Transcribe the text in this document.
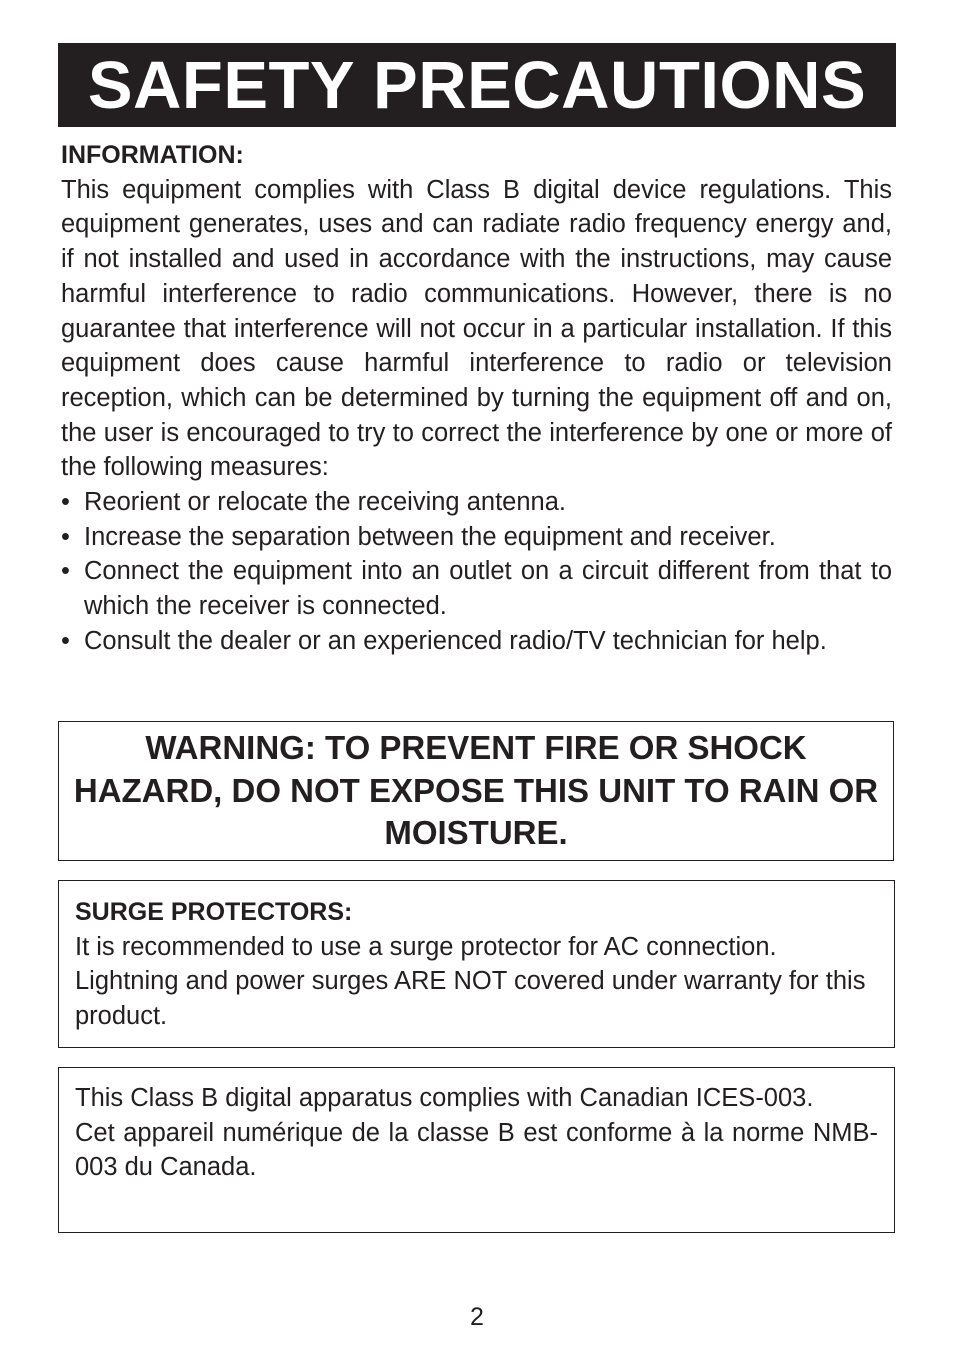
SAFETY PRECAUTIONS
INFORMATION:
This equipment complies with Class B digital device regulations. This equipment generates, uses and can radiate radio frequency energy and, if not installed and used in accordance with the instructions, may cause harmful interference to radio communications. However, there is no guarantee that interference will not occur in a particular installation. If this equipment does cause harmful interference to radio or television reception, which can be determined by turning the equipment off and on, the user is encouraged to try to correct the interference by one or more of the following measures:
• Reorient or relocate the receiving antenna.
• Increase the separation between the equipment and receiver.
• Connect the equipment into an outlet on a circuit different from that to which the receiver is connected.
• Consult the dealer or an experienced radio/TV technician for help.

WARNING: TO PREVENT FIRE OR SHOCK HAZARD, DO NOT EXPOSE THIS UNIT TO RAIN OR MOISTURE.

SURGE PROTECTORS:
It is recommended to use a surge protector for AC connection. Lightning and power surges ARE NOT covered under warranty for this product.
This Class B digital apparatus complies with Canadian ICES-003.
Cet appareil numérique de la classe B est conforme à la norme NMB-003 du Canada.
2
